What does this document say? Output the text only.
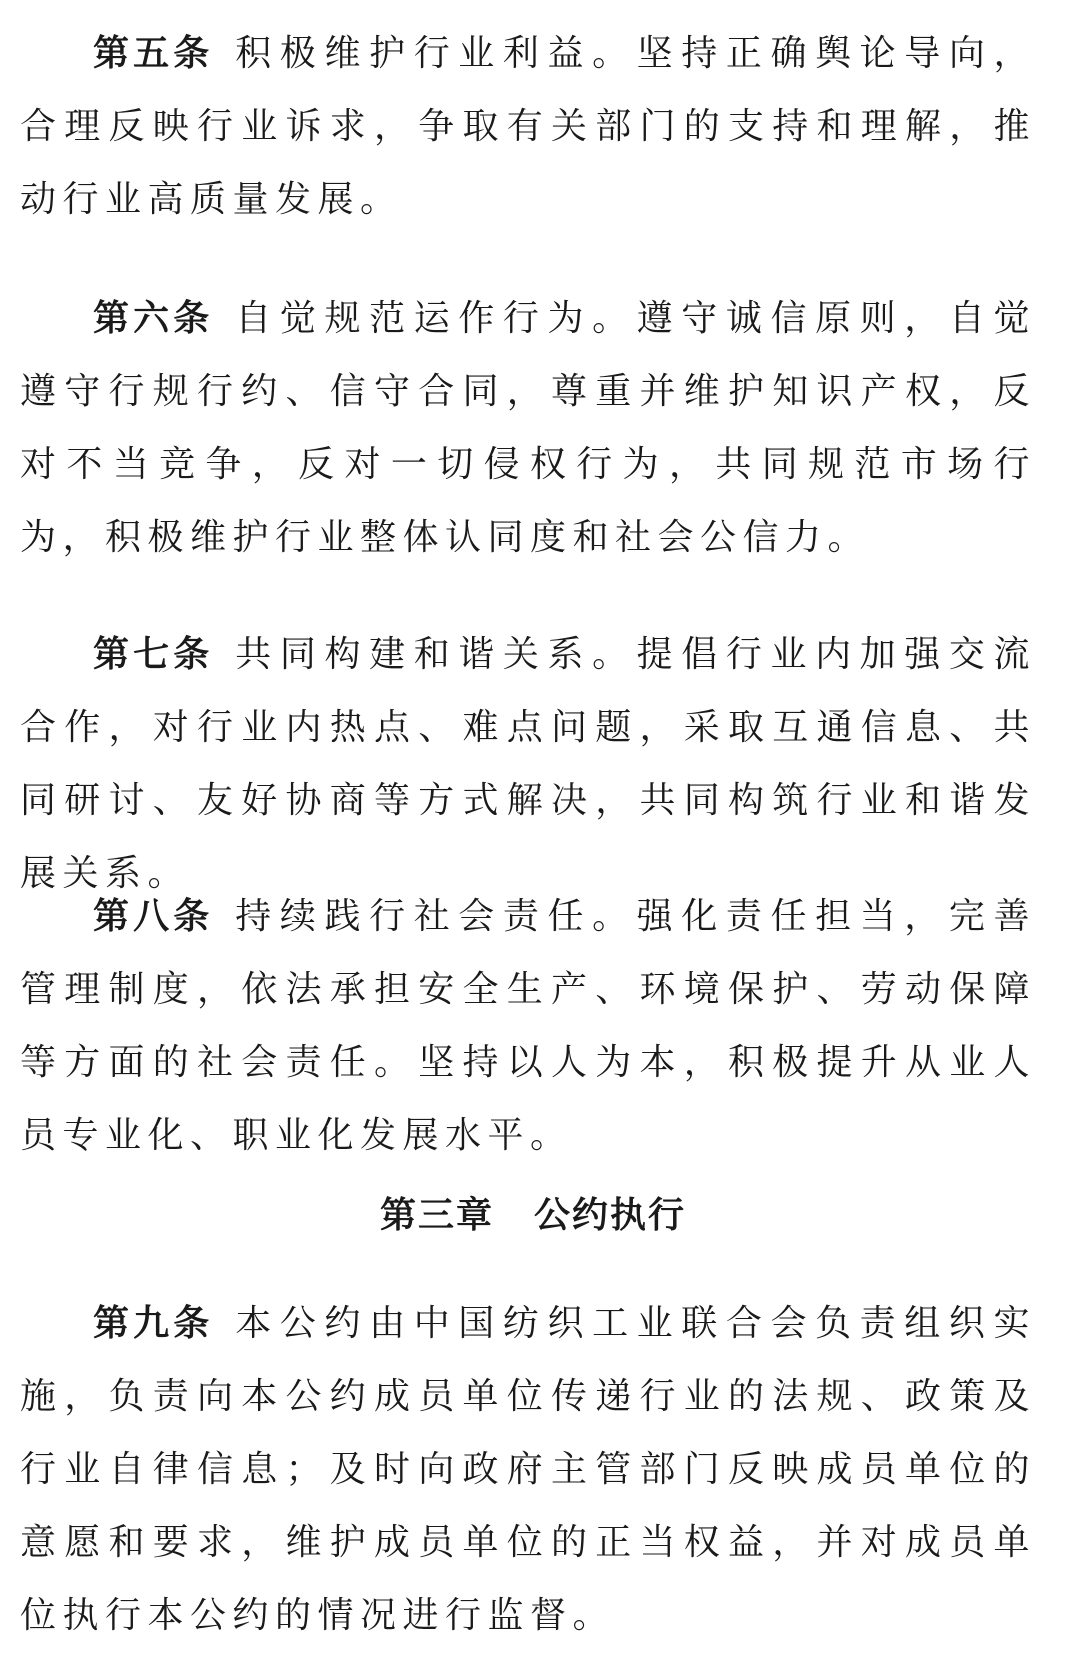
第五条 积极维护行业利益。坚持正确舆论导向，合理反映行业诉求，争取有关部门的支持和理解，推动行业高质量发展。

第六条 自觉规范运作行为。遵守诚信原则，自觉遵守行规行约、信守合同，尊重并维护知识产权，反对不当竞争，反对一切侵权行为，共同规范市场行为，积极维护行业整体认同度和社会公信力。

第七条 共同构建和谐关系。提倡行业内加强交流合作，对行业内热点、难点问题，采取互通信息、共同研讨、友好协商等方式解决，共同构筑行业和谐发展关系。

第八条 持续践行社会责任。强化责任担当，完善管理制度，依法承担安全生产、环境保护、劳动保障等方面的社会责任。坚持以人为本，积极提升从业人员专业化、职业化发展水平。

第三章 公约执行

第九条 本公约由中国纺织工业联合会负责组织实施，负责向本公约成员单位传递行业的法规、政策及行业自律信息；及时向政府主管部门反映成员单位的意愿和要求，维护成员单位的正当权益，并对成员单位执行本公约的情况进行监督。
